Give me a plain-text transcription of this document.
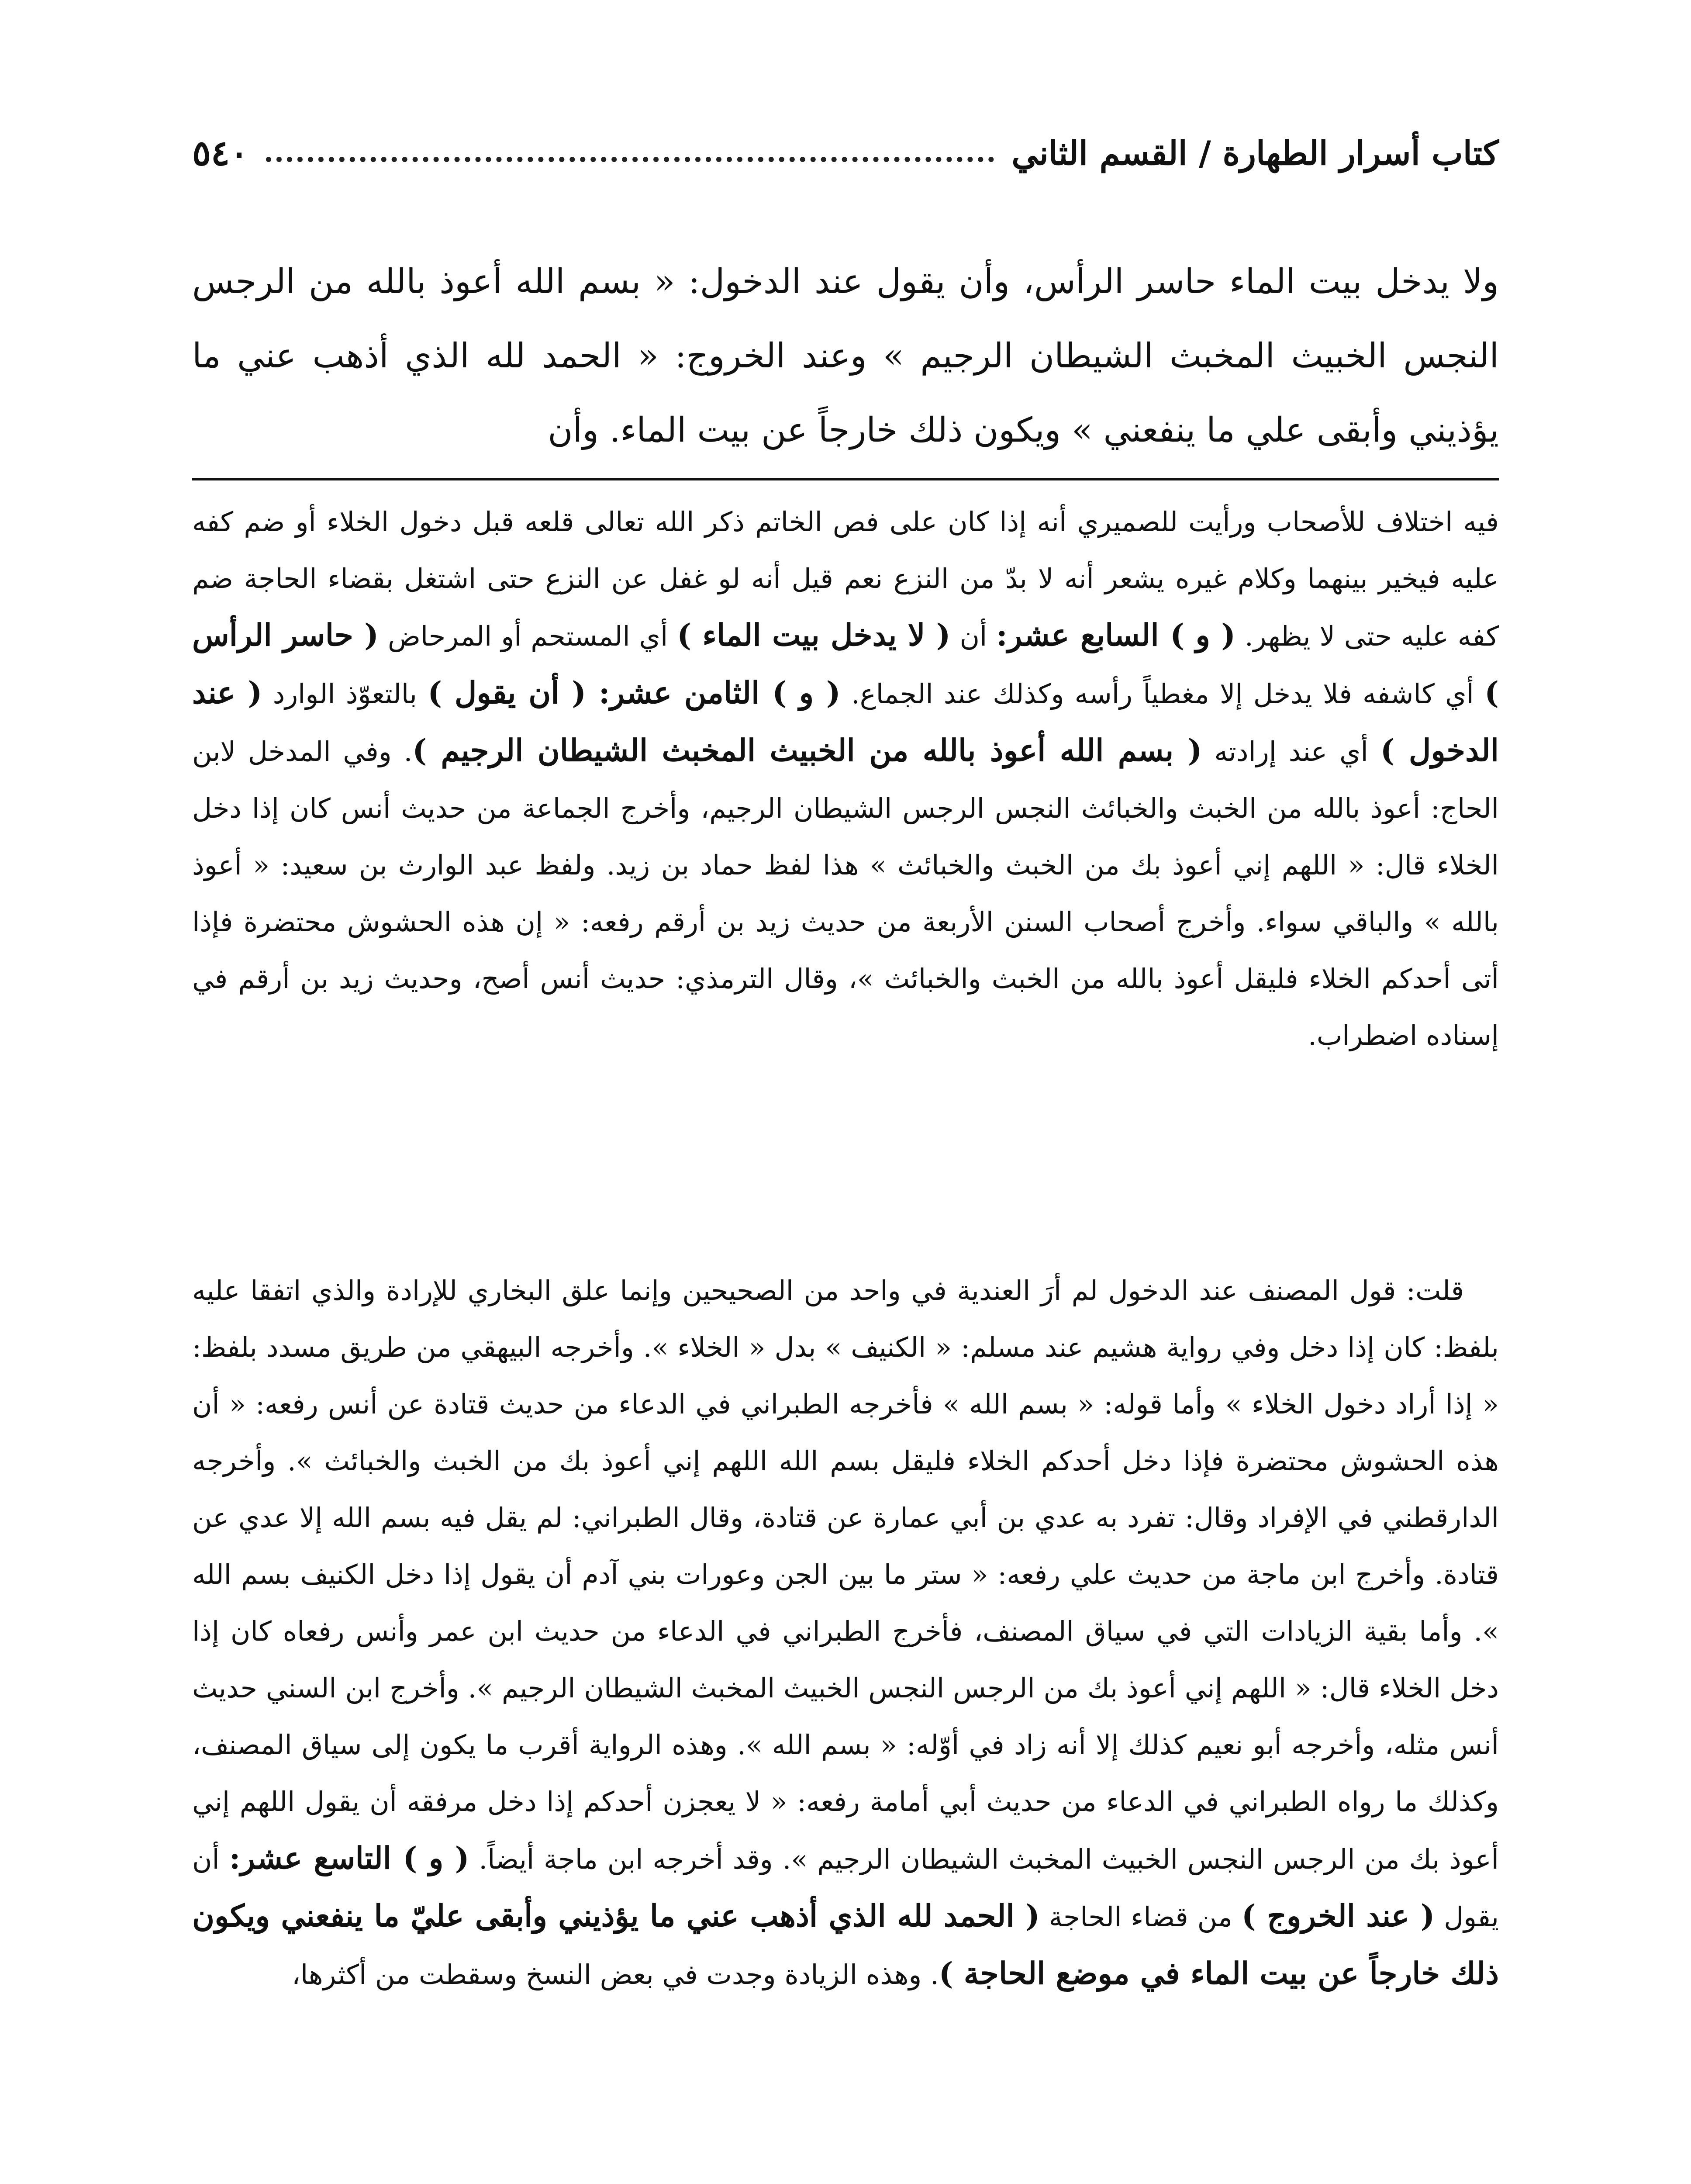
كتاب أسرار الطهارة / القسم الثاني
٥٤٠
ولا يدخل بيت الماء حاسر الرأس، وأن يقول عند الدخول: « بسم الله أعوذ بالله من الرجس النجس الخبيث المخبث الشيطان الرجيم » وعند الخروج: « الحمد لله الذي أذهب عني ما يؤذيني وأبقى علي ما ينفعني » ويكون ذلك خارجاً عن بيت الماء. وأن
فيه اختلاف للأصحاب ورأيت للصميري أنه إذا كان على فص الخاتم ذكر الله تعالى قلعه قبل دخول الخلاء أو ضم كفه عليه فيخير بينهما وكلام غيره يشعر أنه لا بدّ من النزع نعم قيل أنه لو غفل عن النزع حتى اشتغل بقضاء الحاجة ضم كفه عليه حتى لا يظهر. ( و ) السابع عشر: أن ( لا يدخل بيت الماء ) أي المستحم أو المرحاض ( حاسر الرأس ) أي كاشفه فلا يدخل إلا مغطياً رأسه وكذلك عند الجماع. ( و ) الثامن عشر: ( أن يقول ) بالتعوّذ الوارد ( عند الدخول ) أي عند إرادته ( بسم الله أعوذ بالله من الخبيث المخبث الشيطان الرجيم ). وفي المدخل لابن الحاج: أعوذ بالله من الخبث والخبائث النجس الرجس الشيطان الرجيم، وأخرج الجماعة من حديث أنس كان إذا دخل الخلاء قال: « اللهم إني أعوذ بك من الخبث والخبائث » هذا لفظ حماد بن زيد. ولفظ عبد الوارث بن سعيد: « أعوذ بالله » والباقي سواء. وأخرج أصحاب السنن الأربعة من حديث زيد بن أرقم رفعه: « إن هذه الحشوش محتضرة فإذا أتى أحدكم الخلاء فليقل أعوذ بالله من الخبث والخبائث »، وقال الترمذي: حديث أنس أصح، وحديث زيد بن أرقم في إسناده اضطراب.
قلت: قول المصنف عند الدخول لم أرَ العندية في واحد من الصحيحين وإنما علق البخاري للإرادة والذي اتفقا عليه بلفظ: كان إذا دخل وفي رواية هشيم عند مسلم: « الكنيف » بدل « الخلاء ». وأخرجه البيهقي من طريق مسدد بلفظ: « إذا أراد دخول الخلاء » وأما قوله: « بسم الله » فأخرجه الطبراني في الدعاء من حديث قتادة عن أنس رفعه: « أن هذه الحشوش محتضرة فإذا دخل أحدكم الخلاء فليقل بسم الله اللهم إني أعوذ بك من الخبث والخبائث ». وأخرجه الدارقطني في الإفراد وقال: تفرد به عدي بن أبي عمارة عن قتادة، وقال الطبراني: لم يقل فيه بسم الله إلا عدي عن قتادة. وأخرج ابن ماجة من حديث علي رفعه: « ستر ما بين الجن وعورات بني آدم أن يقول إذا دخل الكنيف بسم الله ». وأما بقية الزيادات التي في سياق المصنف، فأخرج الطبراني في الدعاء من حديث ابن عمر وأنس رفعاه كان إذا دخل الخلاء قال: « اللهم إني أعوذ بك من الرجس النجس الخبيث المخبث الشيطان الرجيم ». وأخرج ابن السني حديث أنس مثله، وأخرجه أبو نعيم كذلك إلا أنه زاد في أوّله: « بسم الله ». وهذه الرواية أقرب ما يكون إلى سياق المصنف، وكذلك ما رواه الطبراني في الدعاء من حديث أبي أمامة رفعه: « لا يعجزن أحدكم إذا دخل مرفقه أن يقول اللهم إني أعوذ بك من الرجس النجس الخبيث المخبث الشيطان الرجيم ». وقد أخرجه ابن ماجة أيضاً. ( و ) التاسع عشر: أن يقول ( عند الخروج ) من قضاء الحاجة ( الحمد لله الذي أذهب عني ما يؤذيني وأبقى عليّ ما ينفعني ويكون ذلك خارجاً عن بيت الماء في موضع الحاجة ). وهذه الزيادة وجدت في بعض النسخ وسقطت من أكثرها،
